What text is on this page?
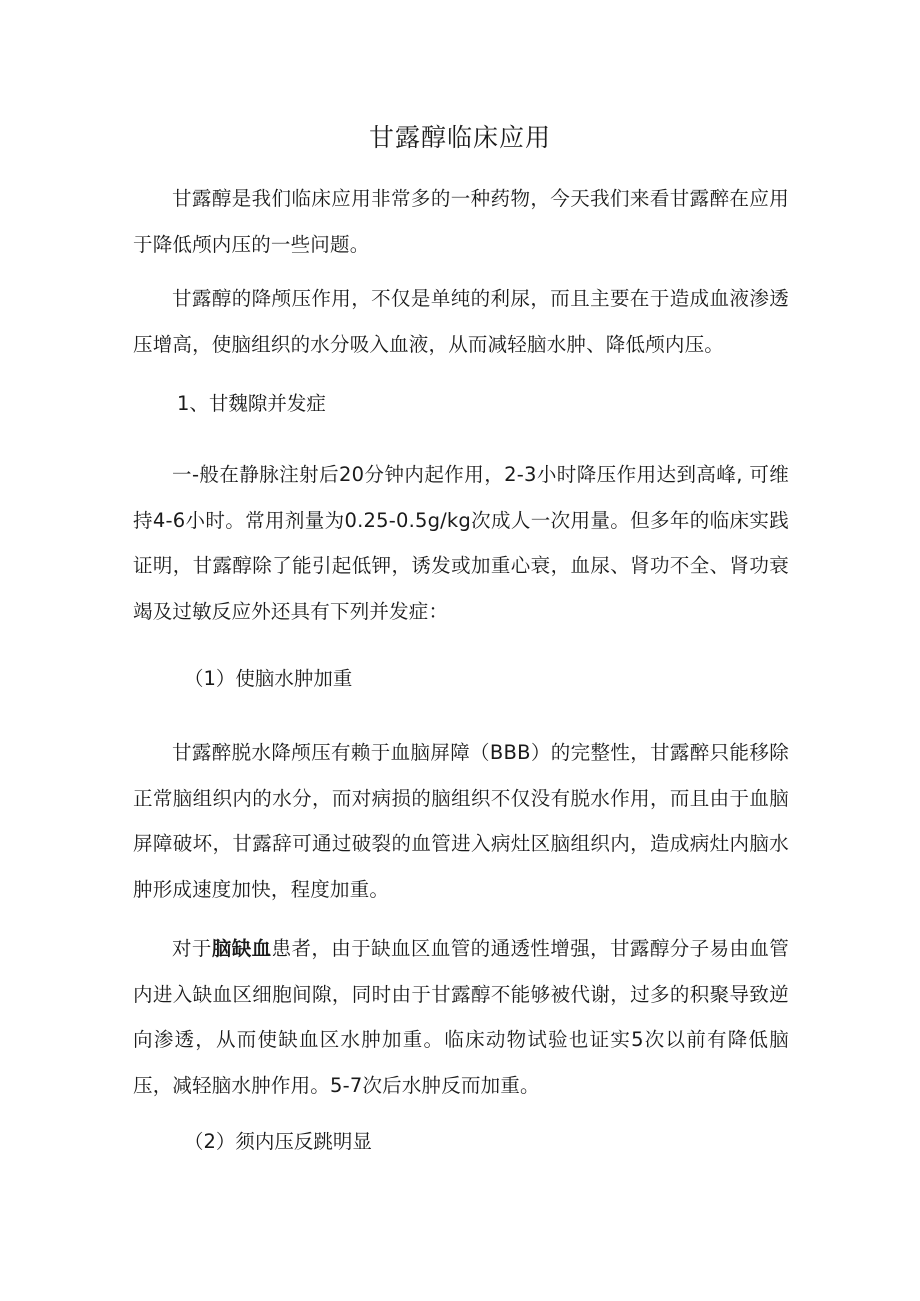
甘露醇临床应用

甘露醇是我们临床应用非常多的一种药物，今天我们来看甘露醉在应用于降低颅内压的一些问题。

甘露醇的降颅压作用，不仅是单纯的利尿，而且主要在于造成血液渗透压增高，使脑组织的水分吸入血液，从而减轻脑水肿、降低颅内压。

1、甘魏隙并发症

一-般在静脉注射后20分钟内起作用，2-3小时降压作用达到高峰, 可维持4-6小时。常用剂量为0.25-0.5g/kg次成人一次用量。但多年的临床实践证明，甘露醇除了能引起低钾，诱发或加重心衰，血尿、肾功不全、肾功衰竭及过敏反应外还具有下列并发症：

（1）使脑水肿加重

甘露醉脱水降颅压有赖于血脑屏障（BBB）的完整性，甘露醉只能移除正常脑组织内的水分，而对病损的脑组织不仅没有脱水作用，而且由于血脑屏障破坏，甘露辞可通过破裂的血管进入病灶区脑组织内，造成病灶内脑水肿形成速度加快，程度加重。

对于脑缺血患者，由于缺血区血管的通透性增强，甘露醇分子易由血管内进入缺血区细胞间隙，同时由于甘露醇不能够被代谢，过多的积聚导致逆向渗透，从而使缺血区水肿加重。临床动物试验也证实5次以前有降低脑压，减轻脑水肿作用。5-7次后水肿反而加重。

（2）须内压反跳明显
